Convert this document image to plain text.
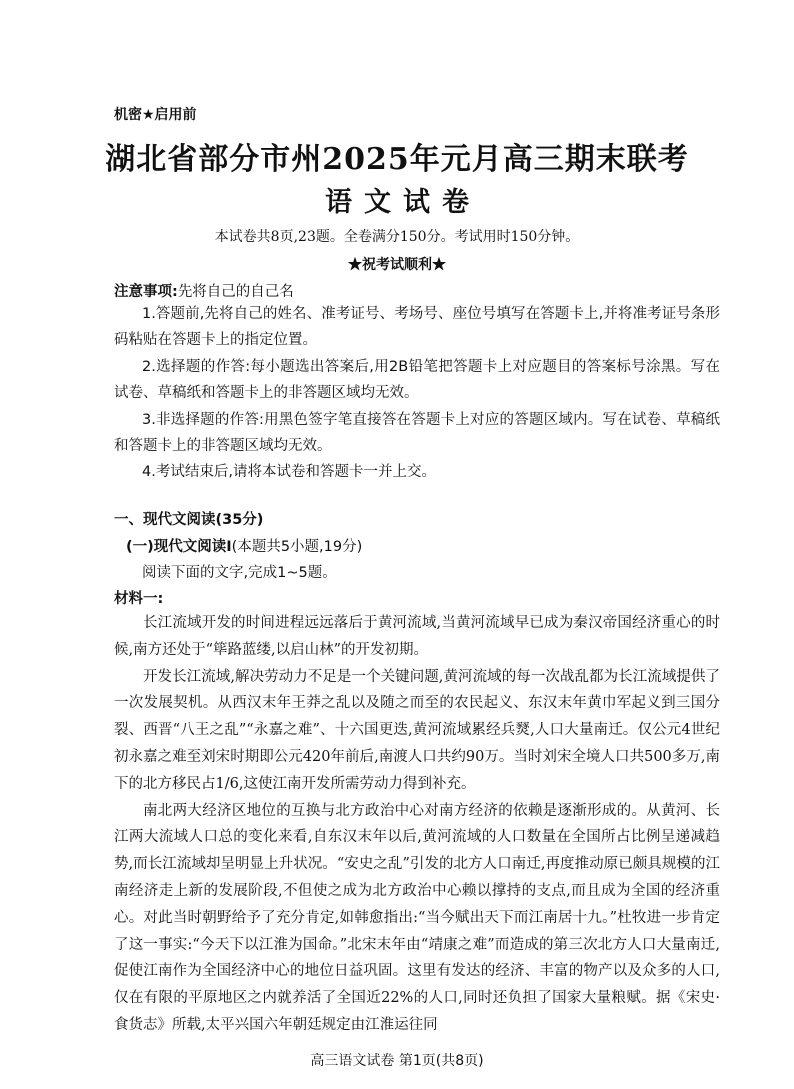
机密★启用前
湖北省部分市州2025年元月高三期末联考
语文试卷
本试卷共8页,23题。全卷满分150分。考试用时150分钟。
★祝考试顺利★
注意事项:先将自己的自己名

1.答题前,先将自己的姓名、准考证号、考场号、座位号填写在答题卡上,并将准考证号条形码粘贴在答题卡上的指定位置。

2.选择题的作答:每小题选出答案后,用2B铅笔把答题卡上对应题目的答案标号涂黑。写在试卷、草稿纸和答题卡上的非答题区域均无效。

3.非选择题的作答:用黑色签字笔直接答在答题卡上对应的答题区域内。写在试卷、草稿纸和答题卡上的非答题区域均无效。

4.考试结束后,请将本试卷和答题卡一并上交。

一、现代文阅读(35分)
(一)现代文阅读Ⅰ(本题共5小题,19分)
阅读下面的文字,完成1~5题。
材料一:

长江流域开发的时间进程远远落后于黄河流域,当黄河流域早已成为秦汉帝国经济重心的时候,南方还处于“筚路蓝缕,以启山林”的开发初期。

开发长江流域,解决劳动力不足是一个关键问题,黄河流域的每一次战乱都为长江流域提供了一次发展契机。从西汉末年王莽之乱以及随之而至的农民起义、东汉末年黄巾军起义到三国分裂、西晋“八王之乱”“永嘉之难”、十六国更迭,黄河流域累经兵燹,人口大量南迁。仅公元4世纪初永嘉之难至刘宋时期即公元420年前后,南渡人口共约90万。当时刘宋全境人口共500多万,南下的北方移民占1/6,这使江南开发所需劳动力得到补充。

南北两大经济区地位的互换与北方政治中心对南方经济的依赖是逐渐形成的。从黄河、长江两大流域人口总的变化来看,自东汉末年以后,黄河流域的人口数量在全国所占比例呈递减趋势,而长江流域却呈明显上升状况。“安史之乱”引发的北方人口南迁,再度推动原已颇具规模的江南经济走上新的发展阶段,不但使之成为北方政治中心赖以撑持的支点,而且成为全国的经济重心。对此当时朝野给予了充分肯定,如韩愈指出:“当今赋出天下而江南居十九。”杜牧进一步肯定了这一事实:“今天下以江淮为国命。”北宋末年由“靖康之难”而造成的第三次北方人口大量南迁,促使江南作为全国经济中心的地位日益巩固。这里有发达的经济、丰富的物产以及众多的人口,仅在有限的平原地区之内就养活了全国近22%的人口,同时还负担了国家大量粮赋。据《宋史·食货志》所载,太平兴国六年朝廷规定由江淮运往同

高三语文试卷 第1页(共8页)
